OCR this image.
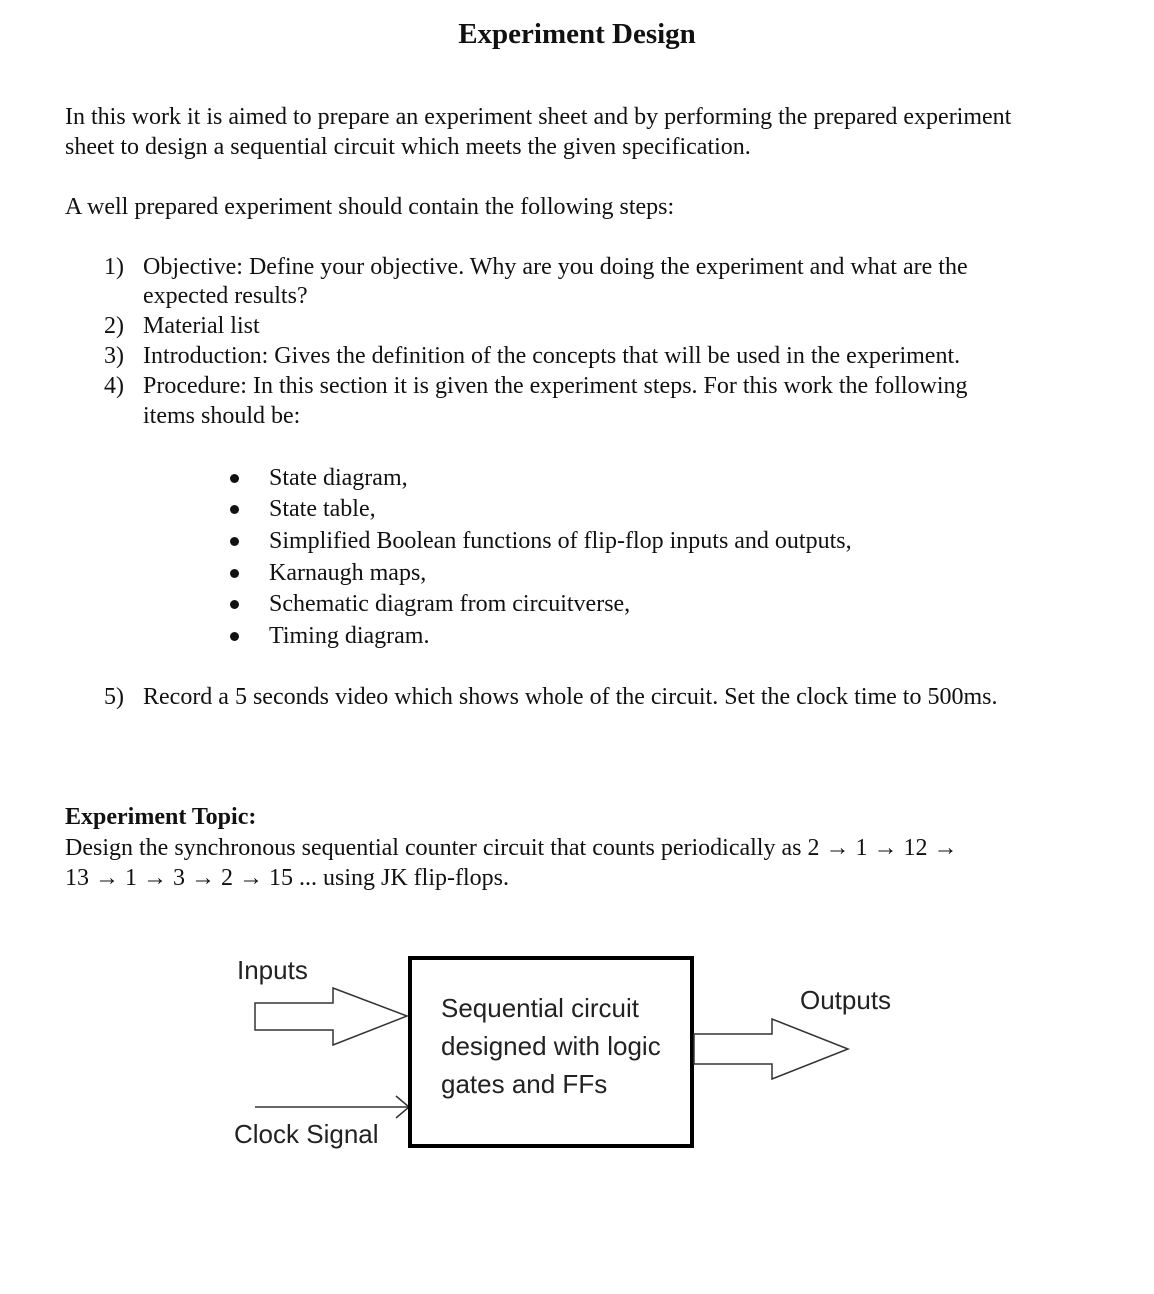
Experiment Design
In this work it is aimed to prepare an experiment sheet and by performing the prepared experiment
sheet to design a sequential circuit which meets the given specification.
A well prepared experiment should contain the following steps:
1) Objective: Define your objective. Why are you doing the experiment and what are the
expected results?
2) Material list
3) Introduction: Gives the definition of the concepts that will be used in the experiment.
4) Procedure: In this section it is given the experiment steps. For this work the following
items should be:
State diagram,
State table,
Simplified Boolean functions of flip-flop inputs and outputs,
Karnaugh maps,
Schematic diagram from circuitverse,
Timing diagram.
5) Record a 5 seconds video which shows whole of the circuit. Set the clock time to 500ms.
Experiment Topic:
Design the synchronous sequential counter circuit that counts periodically as 2 → 1 → 12 →
13 → 1 → 3 → 2 → 15 ... using JK flip-flops.
Inputs
Outputs
Clock Signal
Sequential circuit
designed with logic
gates and FFs
